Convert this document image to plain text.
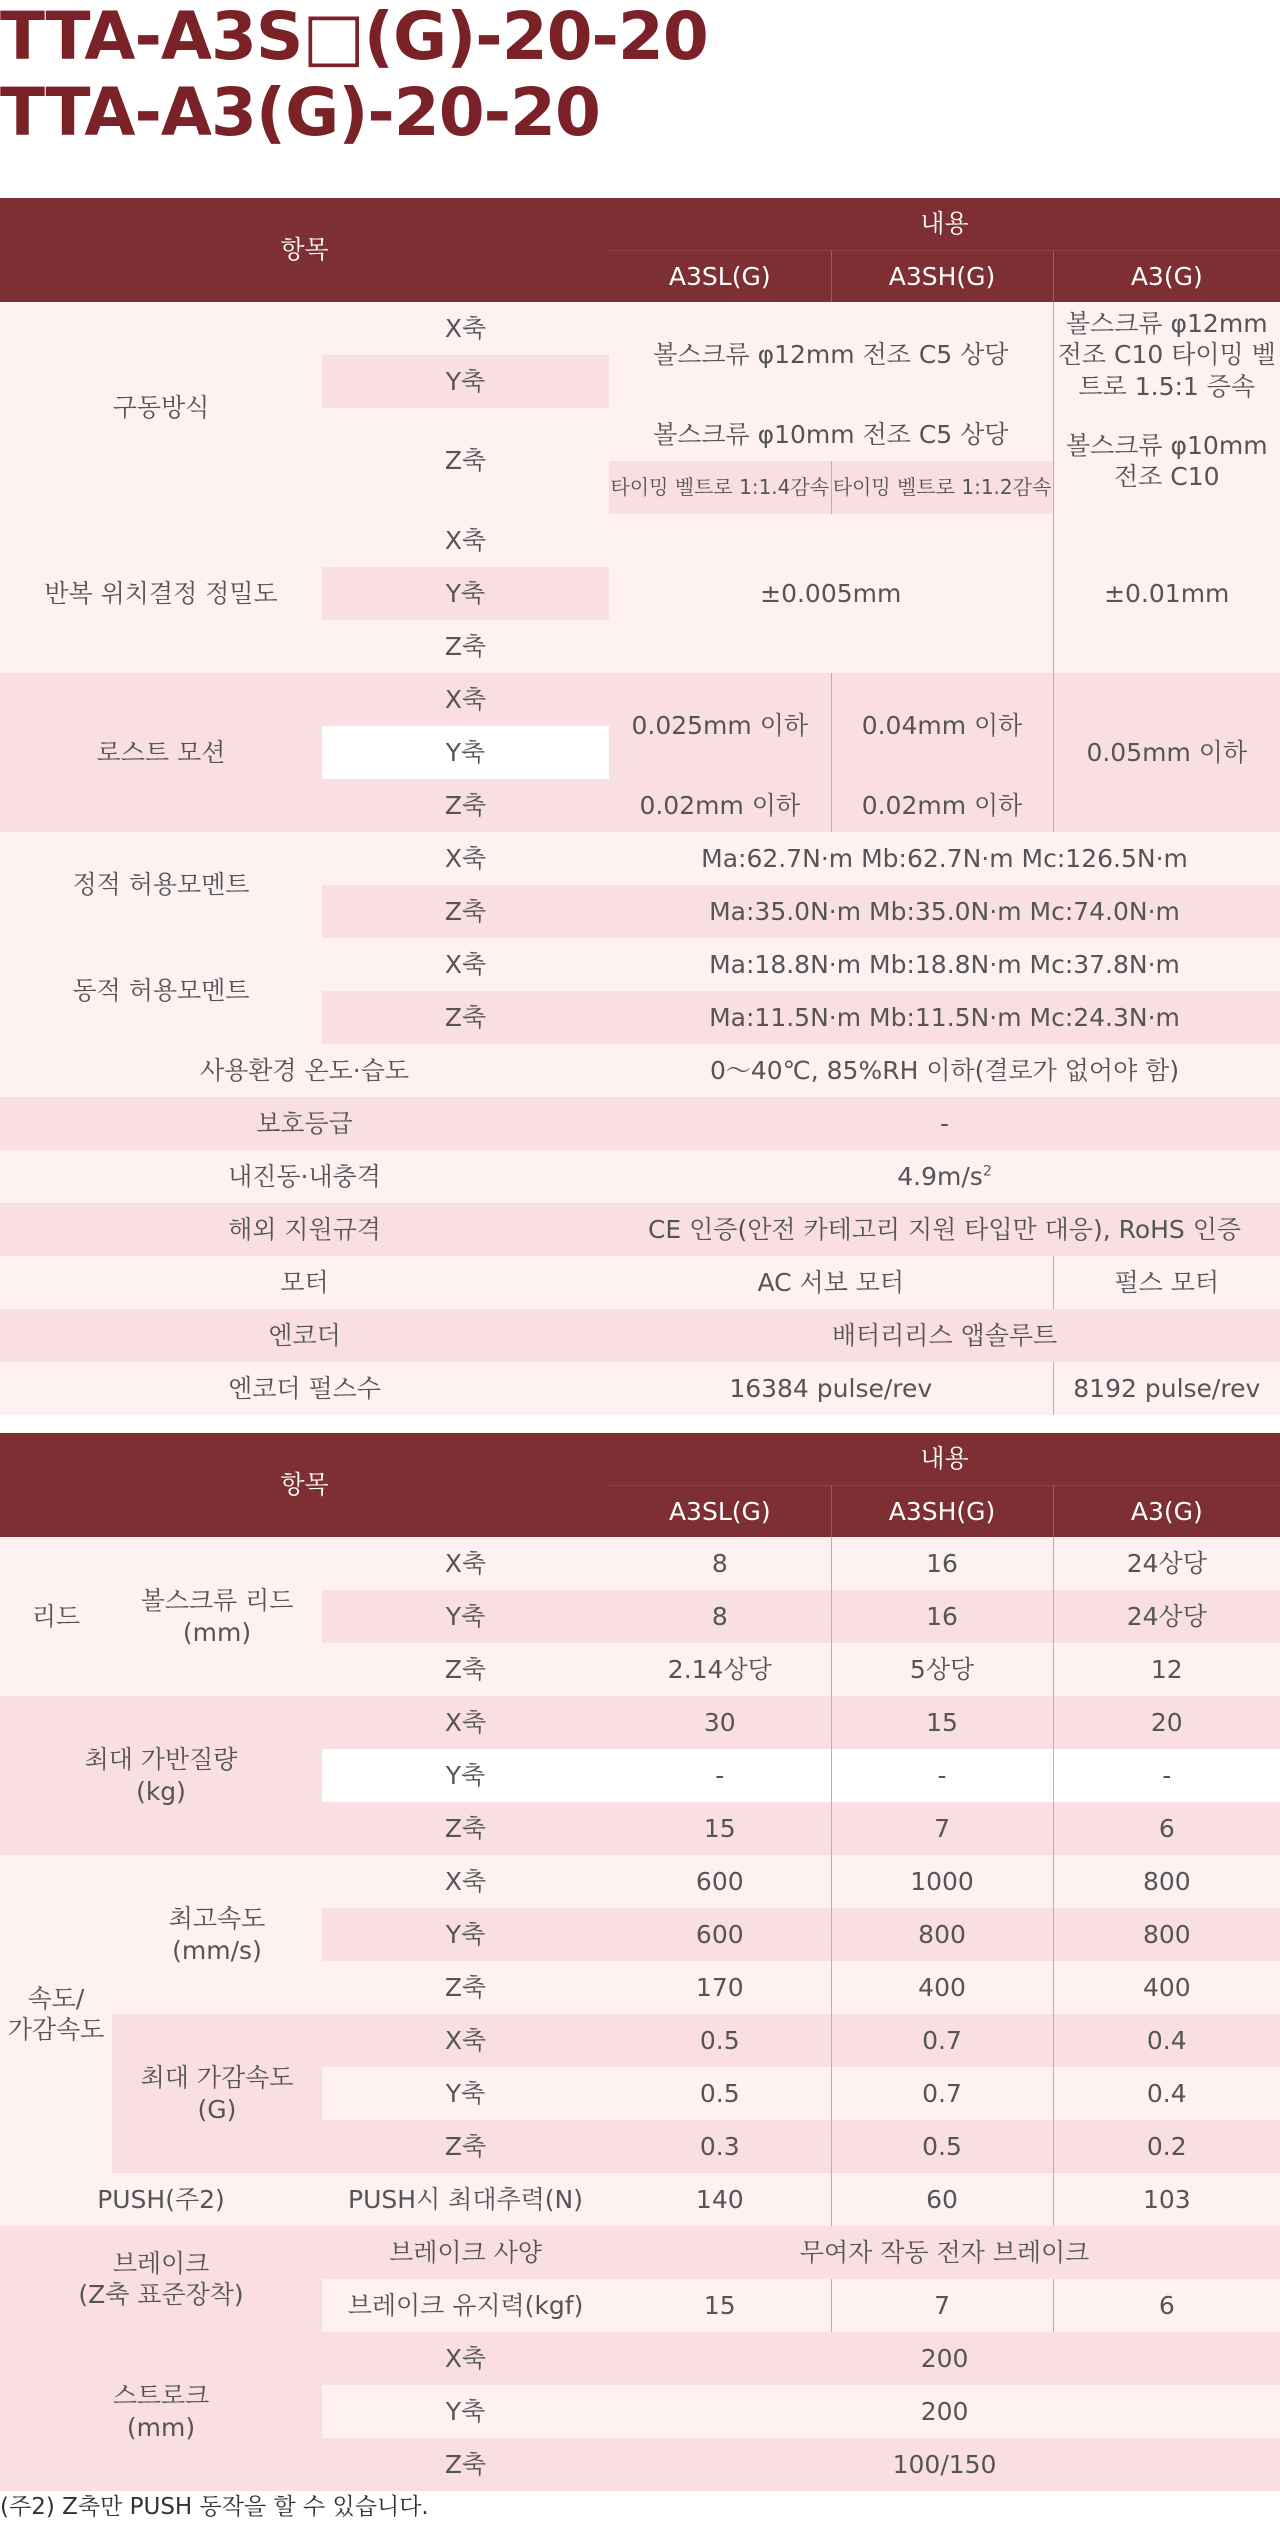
TTA-A3S□(G)-20-20
TTA-A3(G)-20-20
항목		내용		
		A3SL(G)	A3SH(G)	A3(G)
구동방식	X축	볼스크류 φ12mm 전조 C5 상당		볼스크류 φ12mm 전조 C10 타이밍 벨트로 1.5:1 증속
	Y축			
	Z축	볼스크류 φ10mm 전조 C5 상당		볼스크류 φ10mm 전조 C10
		타이밍 벨트로 1:1.4감속	타이밍 벨트로 1:1.2감속	
반복 위치결정 정밀도	X축	±0.005mm		±0.01mm
	Y축			
	Z축			
로스트 모션	X축	0.025mm 이하	0.04mm 이하	0.05mm 이하
	Y축			
	Z축	0.02mm 이하	0.02mm 이하	
정적 허용모멘트	X축	Ma:62.7N·m Mb:62.7N·m Mc:126.5N·m		
	Z축	Ma:35.0N·m Mb:35.0N·m Mc:74.0N·m		
동적 허용모멘트	X축	Ma:18.8N·m Mb:18.8N·m Mc:37.8N·m		
	Z축	Ma:11.5N·m Mb:11.5N·m Mc:24.3N·m		
사용환경 온도·습도		0～40℃, 85%RH 이하(결로가 없어야 함)		
보호등급		-		
내진동·내충격		$4.9m/s^2$
해외 지원규격		CE 인증(안전 카테고리 지원 타입만 대응), RoHS 인증		
모터		AC 서보 모터		펄스 모터
엔코더		배터리리스 앱솔루트		
엔코더 펄스수		16384 pulse/rev		8192 pulse/rev
항목			내용		
			A3SL(G)	A3SH(G)	A3(G)
리드	볼스크류 리드
(mm)	X축	8	16	24상당
		Y축	8	16	24상당
		Z축	2.14상당	5상당	12
최대 가반질량
(kg)		X축	30	15	20
		Y축	-	-	-
		Z축	15	7	6
속도/
가감속도	최고속도
(mm/s)	X축	600	1000	800
		Y축	600	800	800
		Z축	170	400	400
	최대 가감속도
(G)	X축	0.5	0.7	0.4
		Y축	0.5	0.7	0.4
		Z축	0.3	0.5	0.2
PUSH(주2)		PUSH시 최대추력(N)	140	60	103
브레이크
(Z축 표준장착)		브레이크 사양	무여자 작동 전자 브레이크		
		브레이크 유지력(kgf)	15	7	6
스트로크
(mm)		X축	200		
		Y축	200		
		Z축	100/150		
(주2) Z축만 PUSH 동작을 할 수 있습니다.
